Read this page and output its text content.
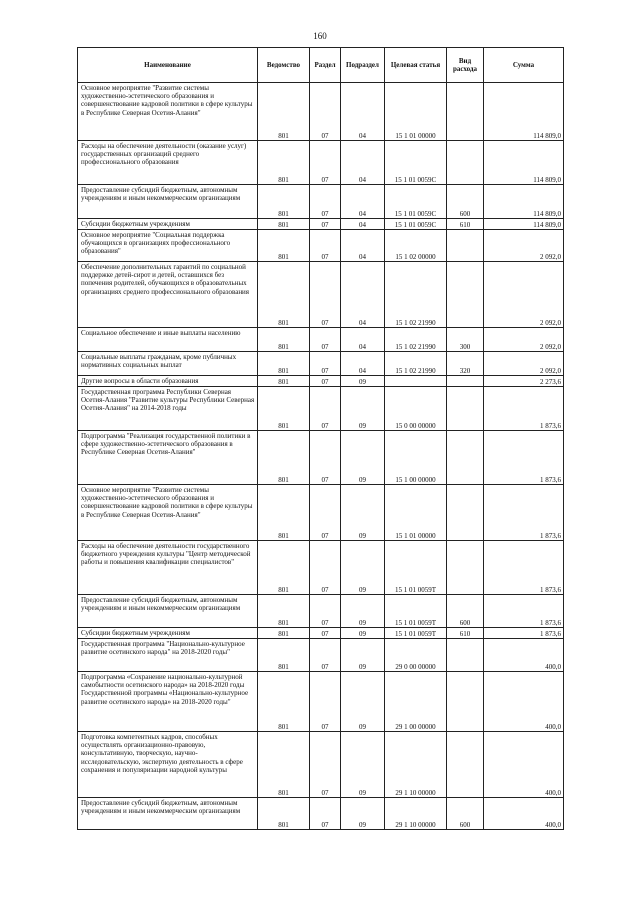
160
Наименование	Ведомство	Раздел	Подраздел	Целевая статья	Вид расхода	Сумма
Основное мероприятие "Развитие системы художественно-эстетического образования и совершенствование кадровой политики в сфере культуры в Республике Северная Осетия-Алания"	801	07	04	15 1 01 00000		114 809,0
Расходы на обеспечение деятельности (оказание услуг) государственных организаций среднего профессионального образования	801	07	04	15 1 01 0059С		114 809,0
Предоставление субсидий бюджетным, автономным учреждениям и иным некоммерческим организациям	801	07	04	15 1 01 0059С	600	114 809,0
Субсидии бюджетным учреждениям	801	07	04	15 1 01 0059С	610	114 809,0
Основное мероприятие "Социальная поддержка обучающихся в организациях профессионального образования"	801	07	04	15 1 02 00000		2 092,0
Обеспечение дополнительных гарантий по социальной поддержке детей-сирот и детей, оставшихся без попечения родителей, обучающихся в образовательных организациях среднего профессионального образования	801	07	04	15 1 02 21990		2 092,0
Социальное обеспечение и иные выплаты населению	801	07	04	15 1 02 21990	300	2 092,0
Социальные выплаты гражданам, кроме публичных нормативных социальных выплат	801	07	04	15 1 02 21990	320	2 092,0
Другие вопросы в области образования	801	07	09			2 273,6
Государственная программа Республики Северная Осетия-Алания "Развитие культуры Республики Северная Осетия-Алания" на 2014-2018 годы	801	07	09	15 0 00 00000		1 873,6
Подпрограмма "Реализация государственной политики в сфере художественно-эстетического образования в Республике Северная Осетия-Алания"	801	07	09	15 1 00 00000		1 873,6
Основное мероприятие "Развитие системы художественно-эстетического образования и совершенствование кадровой политики в сфере культуры в Республике Северная Осетия-Алания"	801	07	09	15 1 01 00000		1 873,6
Расходы на обеспечение деятельности государственного бюджетного учреждения культуры "Центр методической работы и повышения квалификации специалистов"	801	07	09	15 1 01 0059Т		1 873,6
Предоставление субсидий бюджетным, автономным учреждениям и иным некоммерческим организациям	801	07	09	15 1 01 0059Т	600	1 873,6
Субсидии бюджетным учреждениям	801	07	09	15 1 01 0059Т	610	1 873,6
Государственная программа "Национально-культурное развитие осетинского народа" на 2018-2020 годы"	801	07	09	29 0 00 00000		400,0
Подпрограмма «Сохранение национально-культурной самобытности осетинского народа» на 2018-2020 годы Государственной программы «Национально-культурное развитие осетинского народа» на 2018-2020 годы"	801	07	09	29 1 00 00000		400,0
Подготовка компетентных кадров, способных осуществлять организационно-правовую, консультативную, творческую, научно-исследовательскую, экспертную деятельность в сфере сохранения и популяризации народной культуры	801	07	09	29 1 10 00000		400,0
Предоставление субсидий бюджетным, автономным учреждениям и иным некоммерческим организациям	801	07	09	29 1 10 00000	600	400,0
